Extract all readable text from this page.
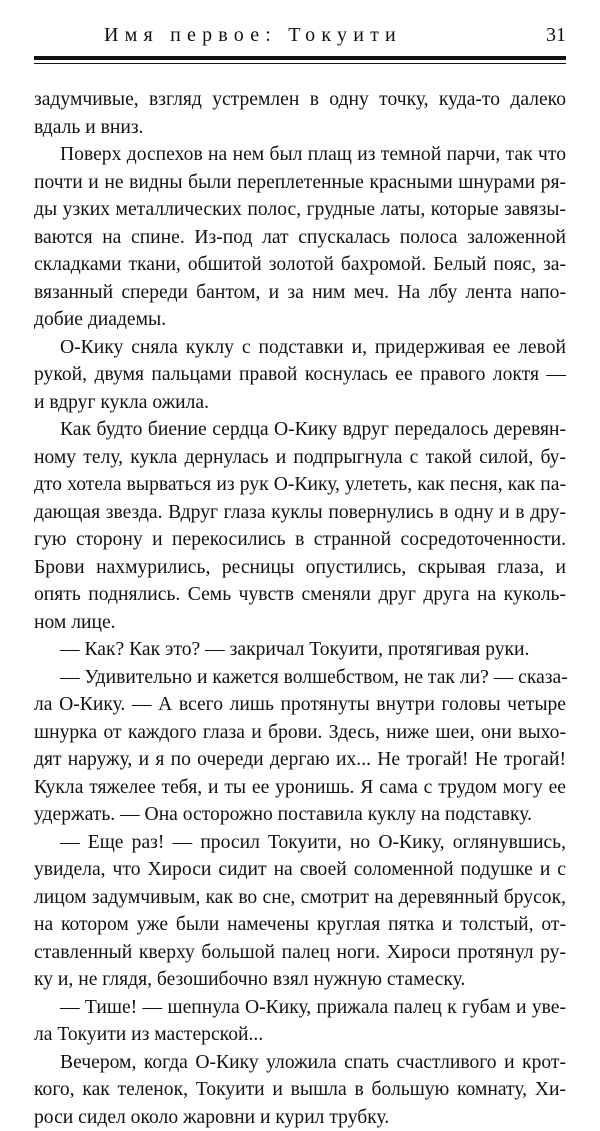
Имя первое: Токуити	31
задумчивые, взгляд устремлен в одну точку, куда-то далеко
вдаль и вниз.
Поверх доспехов на нем был плащ из темной парчи, так что
почти и не видны были переплетенные красными шнурами ря-
ды узких металлических полос, грудные латы, которые завязы-
ваются на спине. Из-под лат спускалась полоса заложенной
складками ткани, обшитой золотой бахромой. Белый пояс, за-
вязанный спереди бантом, и за ним меч. На лбу лента напо-
добие диадемы.
О-Кику сняла куклу с подставки и, придерживая ее левой
рукой, двумя пальцами правой коснулась ее правого локтя —
и вдруг кукла ожила.
Как будто биение сердца О-Кику вдруг передалось деревян-
ному телу, кукла дернулась и подпрыгнула с такой силой, бу-
дто хотела вырваться из рук О-Кику, улететь, как песня, как па-
дающая звезда. Вдруг глаза куклы повернулись в одну и в дру-
гую сторону и перекосились в странной сосредоточенности.
Брови нахмурились, ресницы опустились, скрывая глаза, и
опять поднялись. Семь чувств сменяли друг друга на куколь-
ном лице.
— Как? Как это? — закричал Токуити, протягивая руки.
— Удивительно и кажется волшебством, не так ли? — сказа-
ла О-Кику. — А всего лишь протянуты внутри головы четыре
шнурка от каждого глаза и брови. Здесь, ниже шеи, они выхо-
дят наружу, и я по очереди дергаю их... Не трогай! Не трогай!
Кукла тяжелее тебя, и ты ее уронишь. Я сама с трудом могу ее
удержать. — Она осторожно поставила куклу на подставку.
— Еще раз! — просил Токуити, но О-Кику, оглянувшись,
увидела, что Хироси сидит на своей соломенной подушке и с
лицом задумчивым, как во сне, смотрит на деревянный брусок,
на котором уже были намечены круглая пятка и толстый, от-
ставленный кверху большой палец ноги. Хироси протянул ру-
ку и, не глядя, безошибочно взял нужную стамеску.
— Тише! — шепнула О-Кику, прижала палец к губам и уве-
ла Токуити из мастерской...
Вечером, когда О-Кику уложила спать счастливого и крот-
кого, как теленок, Токуити и вышла в большую комнату, Хи-
роси сидел около жаровни и курил трубку.
